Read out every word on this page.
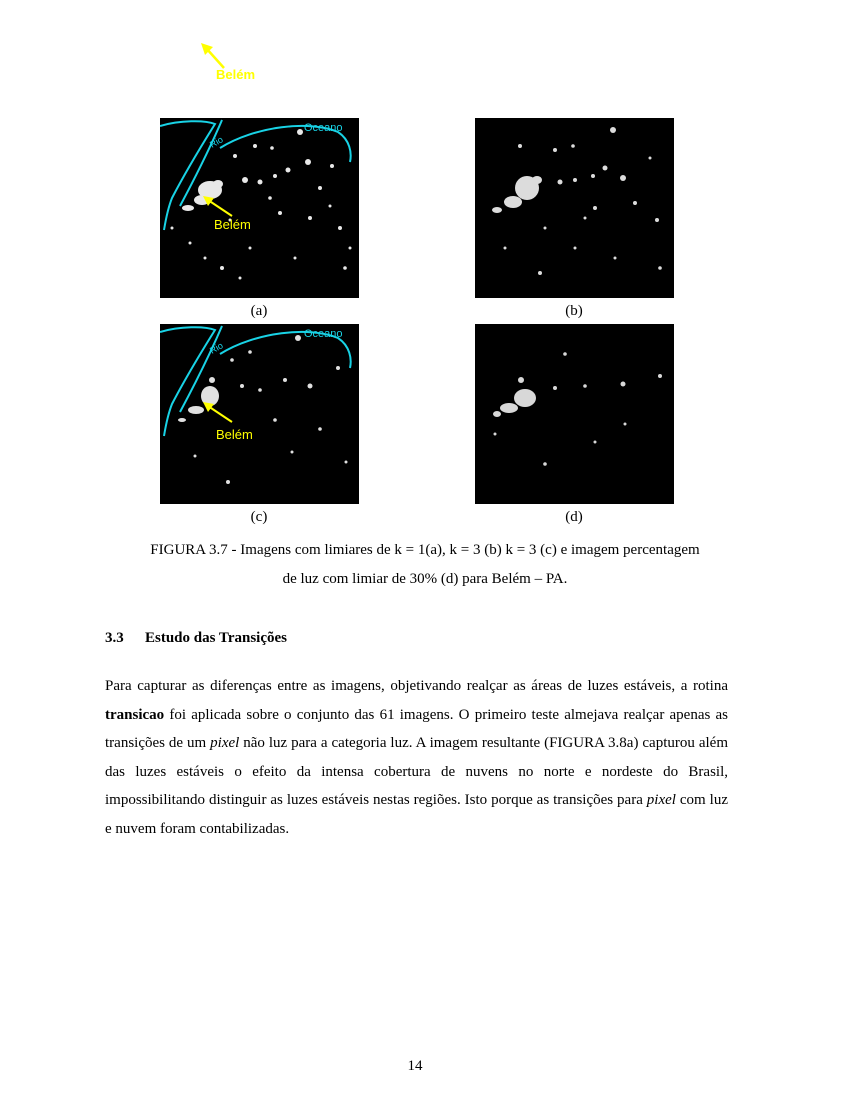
Belém
Oceano
Rio
Belém
(a)	(b)
Oceano
Rio
Belém
(c)	(d)
FIGURA 3.7 - Imagens com limiares de k = 1(a), k = 3 (b) k = 3 (c) e imagem percentagem
de luz com limiar de 30% (d) para Belém – PA.
3.3 Estudo das Transições
Para capturar as diferenças entre as imagens, objetivando realçar as áreas de luzes estáveis, a rotina transicao foi aplicada sobre o conjunto das 61 imagens. O primeiro teste almejava realçar apenas as transições de um pixel não luz para a categoria luz. A imagem resultante (FIGURA 3.8a) capturou além das luzes estáveis o efeito da intensa cobertura de nuvens no norte e nordeste do Brasil, impossibilitando distinguir as luzes estáveis nestas regiões. Isto porque as transições para pixel com luz e nuvem foram contabilizadas.
14
